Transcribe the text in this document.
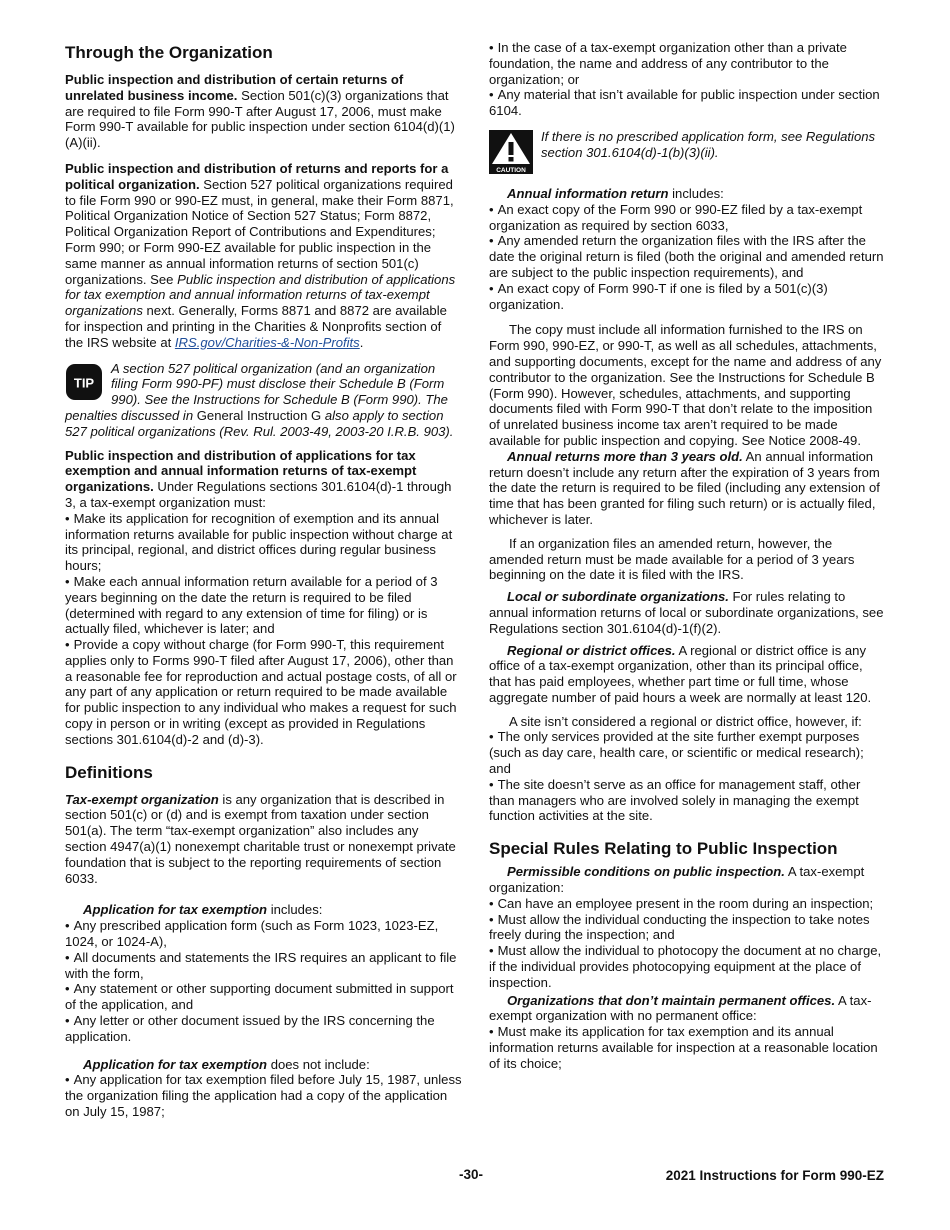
Through the Organization

Public inspection and distribution of certain returns of unrelated business income. Section 501(c)(3) organizations that are required to file Form 990-T after August 17, 2006, must make Form 990-T available for public inspection under section 6104(d)(1)(A)(ii).

Public inspection and distribution of returns and reports for a political organization. Section 527 political organizations required to file Form 990 or 990-EZ must, in general, make their Form 8871, Political Organization Notice of Section 527 Status; Form 8872, Political Organization Report of Contributions and Expenditures; Form 990; or Form 990-EZ available for public inspection in the same manner as annual information returns of section 501(c) organizations. See Public inspection and distribution of applications for tax exemption and annual information returns of tax-exempt organizations next. Generally, Forms 8871 and 8872 are available for inspection and printing in the Charities & Nonprofits section of the IRS website at IRS.gov/Charities-&-Non-Profits.

TIP
A section 527 political organization (and an organization filing Form 990-PF) must disclose their Schedule B (Form 990). See the Instructions for Schedule B (Form 990). The penalties discussed in General Instruction G also apply to section 527 political organizations (Rev. Rul. 2003-49, 2003-20 I.R.B. 903).

Public inspection and distribution of applications for tax exemption and annual information returns of tax-exempt organizations. Under Regulations sections 301.6104(d)-1 through 3, a tax-exempt organization must:

• Make its application for recognition of exemption and its annual information returns available for public inspection without charge at its principal, regional, and district offices during regular business hours;
• Make each annual information return available for a period of 3 years beginning on the date the return is required to be filed (determined with regard to any extension of time for filing) or is actually filed, whichever is later; and
• Provide a copy without charge (for Form 990-T, this requirement applies only to Forms 990-T filed after August 17, 2006), other than a reasonable fee for reproduction and actual postage costs, of all or any part of any application or return required to be made available for public inspection to any individual who makes a request for such copy in person or in writing (except as provided in Regulations sections 301.6104(d)-2 and (d)-3).
Definitions

Tax-exempt organization is any organization that is described in section 501(c) or (d) and is exempt from taxation under section 501(a). The term “tax-exempt organization” also includes any section 4947(a)(1) nonexempt charitable trust or nonexempt private foundation that is subject to the reporting requirements of section 6033.

Application for tax exemption includes:

• Any prescribed application form (such as Form 1023, 1023-EZ, 1024, or 1024-A),
• All documents and statements the IRS requires an applicant to file with the form,
• Any statement or other supporting document submitted in support of the application, and
• Any letter or other document issued by the IRS concerning the application.

Application for tax exemption does not include:

• Any application for tax exemption filed before July 15, 1987, unless the organization filing the application had a copy of the application on July 15, 1987;
• In the case of a tax-exempt organization other than a private foundation, the name and address of any contributor to the organization; or
• Any material that isn’t available for public inspection under section 6104.
CAUTION
If there is no prescribed application form, see Regulations section 301.6104(d)-1(b)(3)(ii).

Annual information return includes:

• An exact copy of the Form 990 or 990-EZ filed by a tax-exempt organization as required by section 6033,
• Any amended return the organization files with the IRS after the date the original return is filed (both the original and amended return are subject to the public inspection requirements), and
• An exact copy of Form 990-T if one is filed by a 501(c)(3) organization.

The copy must include all information furnished to the IRS on Form 990, 990-EZ, or 990-T, as well as all schedules, attachments, and supporting documents, except for the name and address of any contributor to the organization. See the Instructions for Schedule B (Form 990). However, schedules, attachments, and supporting documents filed with Form 990-T that don’t relate to the imposition of unrelated business income tax aren’t required to be made available for public inspection and copying. See Notice 2008-49.

Annual returns more than 3 years old. An annual information return doesn’t include any return after the expiration of 3 years from the date the return is required to be filed (including any extension of time that has been granted for filing such return) or is actually filed, whichever is later.

If an organization files an amended return, however, the amended return must be made available for a period of 3 years beginning on the date it is filed with the IRS.

Local or subordinate organizations. For rules relating to annual information returns of local or subordinate organizations, see Regulations section 301.6104(d)-1(f)(2).

Regional or district offices. A regional or district office is any office of a tax-exempt organization, other than its principal office, that has paid employees, whether part time or full time, whose aggregate number of paid hours a week are normally at least 120.

A site isn’t considered a regional or district office, however, if:

• The only services provided at the site further exempt purposes (such as day care, health care, or scientific or medical research); and
• The site doesn’t serve as an office for management staff, other than managers who are involved solely in managing the exempt function activities at the site.
Special Rules Relating to Public Inspection

Permissible conditions on public inspection. A tax-exempt organization:

• Can have an employee present in the room during an inspection;
• Must allow the individual conducting the inspection to take notes freely during the inspection; and
• Must allow the individual to photocopy the document at no charge, if the individual provides photocopying equipment at the place of inspection.

Organizations that don’t maintain permanent offices. A tax-exempt organization with no permanent office:

• Must make its application for tax exemption and its annual information returns available for inspection at a reasonable location of its choice;
-30-	2021 Instructions for Form 990-EZ
